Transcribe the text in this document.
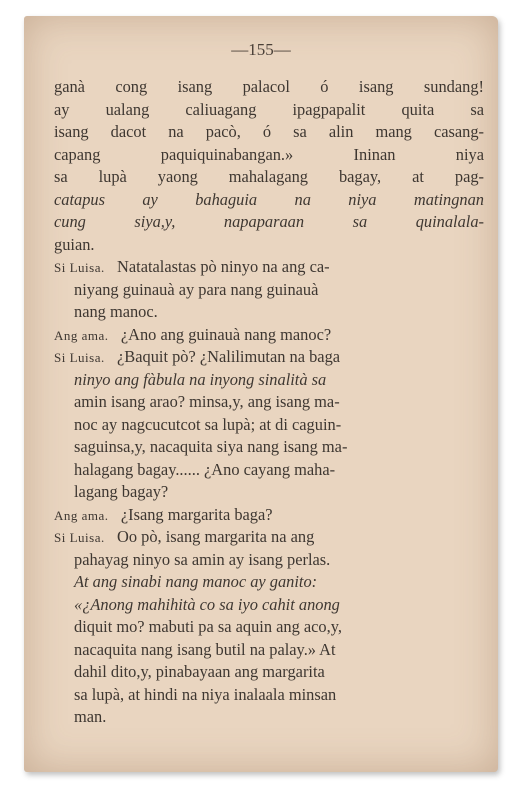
—155—
ganà cong isang palacol ó isang sundang!
ay ualang caliuagang ipagpapalit quita sa
isang dacot na pacò, ó sa alin mang casang-
capang paquiquinabangan.» Ininan niya
sa lupà yaong mahalagang bagay, at pag-
catapus ay bahaguia na niya matingnan
cung siya,y, napaparaan sa quinalala-
guian.
Si Luisa. Natatalastas pò ninyo na ang ca-
niyang guinauà ay para nang guinauà
nang manoc.
Ang ama. ¿Ano ang guinauà nang manoc?
Si Luisa. ¿Baquit pò? ¿Nalilimutan na baga
ninyo ang fàbula na inyong sinalità sa
amin isang arao? minsa,y, ang isang ma-
noc ay nagcucutcot sa lupà; at di caguin-
saguinsa,y, nacaquita siya nang isang ma-
halagang bagay...... ¿Ano cayang maha-
lagang bagay?
Ang ama. ¿Isang margarita baga?
Si Luisa. Oo pò, isang margarita na ang
pahayag ninyo sa amin ay isang perlas.
At ang sinabi nang manoc ay ganito:
«¿Anong mahihità co sa iyo cahit anong
diquit mo? mabuti pa sa aquin ang aco,y,
nacaquita nang isang butil na palay.» At
dahil dito,y, pinabayaan ang margarita
sa lupà, at hindi na niya inalaala minsan
man.
